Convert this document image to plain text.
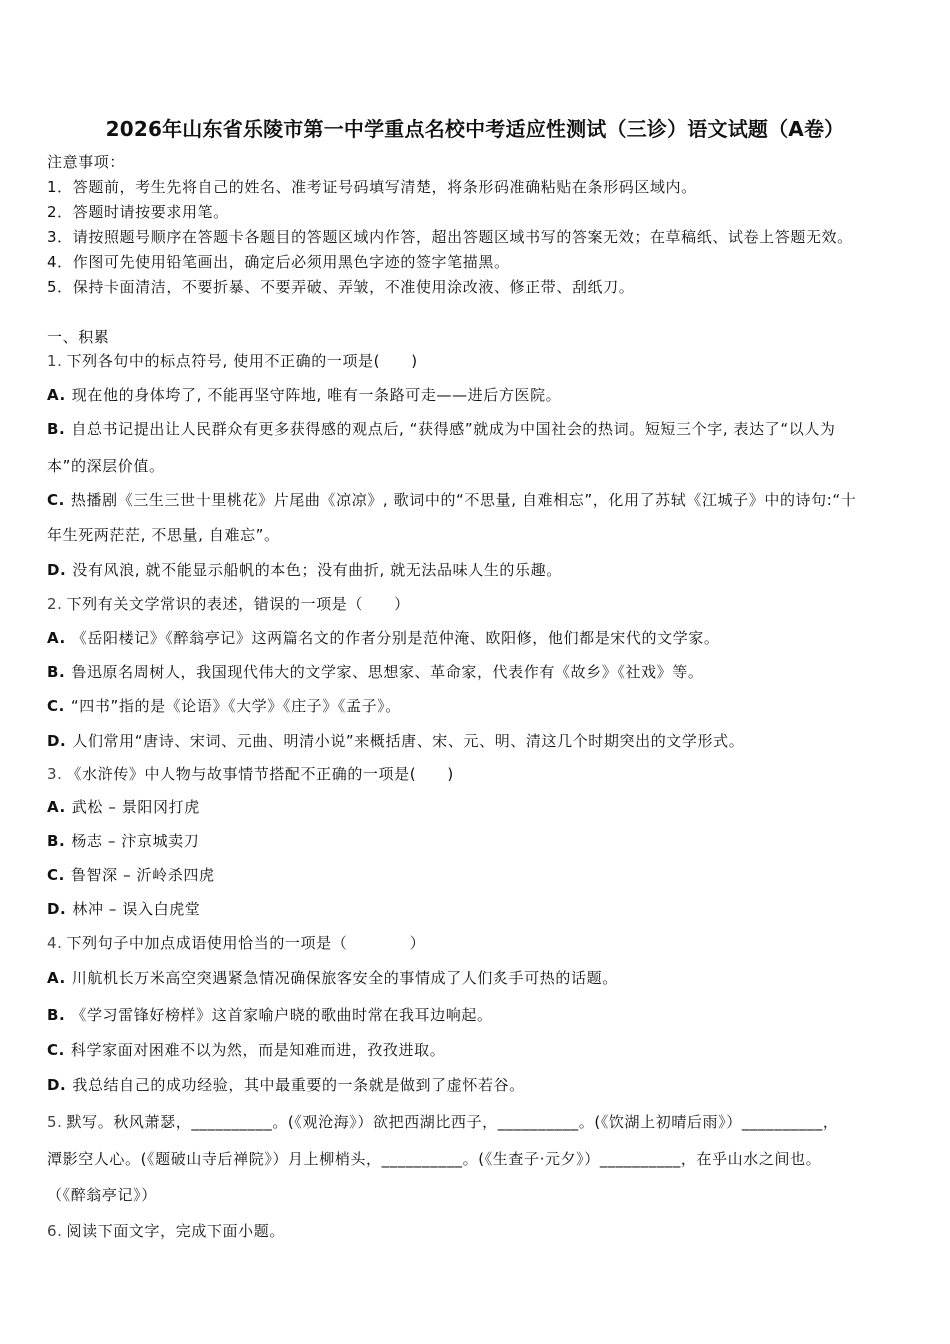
2026年山东省乐陵市第一中学重点名校中考适应性测试（三诊）语文试题（A卷）
注意事项：
1．答题前，考生先将自己的姓名、准考证号码填写清楚，将条形码准确粘贴在条形码区域内。
2．答题时请按要求用笔。
3．请按照题号顺序在答题卡各题目的答题区域内作答，超出答题区域书写的答案无效；在草稿纸、试卷上答题无效。
4．作图可先使用铅笔画出，确定后必须用黑色字迹的签字笔描黑。
5．保持卡面清洁，不要折暴、不要弄破、弄皱，不准使用涂改液、修正带、刮纸刀。
一、积累
1. 下列各句中的标点符号, 使用不正确的一项是(　　)
A. 现在他的身体垮了, 不能再坚守阵地, 唯有一条路可走——进后方医院。
B. 自总书记提出让人民群众有更多获得感的观点后, “获得感”就成为中国社会的热词。短短三个字, 表达了“以人为
本”的深层价值。
C. 热播剧《三生三世十里桃花》片尾曲《凉凉》, 歌词中的“不思量, 自难相忘”，化用了苏轼《江城子》中的诗句:“十
年生死两茫茫, 不思量, 自难忘”。
D. 没有风浪, 就不能显示船帆的本色；没有曲折, 就无法品味人生的乐趣。
2. 下列有关文学常识的表述，错误的一项是（　　）
A. 《岳阳楼记》《醉翁亭记》这两篇名文的作者分别是范仲淹、欧阳修，他们都是宋代的文学家。
B. 鲁迅原名周树人，我国现代伟大的文学家、思想家、革命家，代表作有《故乡》《社戏》等。
C. “四书”指的是《论语》《大学》《庄子》《孟子》。
D. 人们常用“唐诗、宋词、元曲、明清小说”来概括唐、宋、元、明、清这几个时期突出的文学形式。
3. 《水浒传》中人物与故事情节搭配不正确的一项是(　　)
A. 武松 – 景阳冈打虎
B. 杨志 – 汴京城卖刀
C. 鲁智深 – 沂岭杀四虎
D. 林冲 – 误入白虎堂
4. 下列句子中加点成语使用恰当的一项是（　　　　）
A. 川航机长万米高空突遇紧急情况确保旅客安全的事情成了人们炙手可热的话题。
B. 《学习雷锋好榜样》这首家喻户晓的歌曲时常在我耳边响起。
C. 科学家面对困难不以为然，而是知难而进，孜孜进取。
D. 我总结自己的成功经验，其中最重要的一条就是做到了虚怀若谷。
5. 默写。秋风萧瑟，__________。(《观沧海》）欲把西湖比西子，__________。(《饮湖上初晴后雨》）__________，
潭影空人心。(《题破山寺后禅院》）月上柳梢头，__________。(《生查子·元夕》）__________，在乎山水之间也。
（《醉翁亭记》）
6. 阅读下面文字，完成下面小题。
